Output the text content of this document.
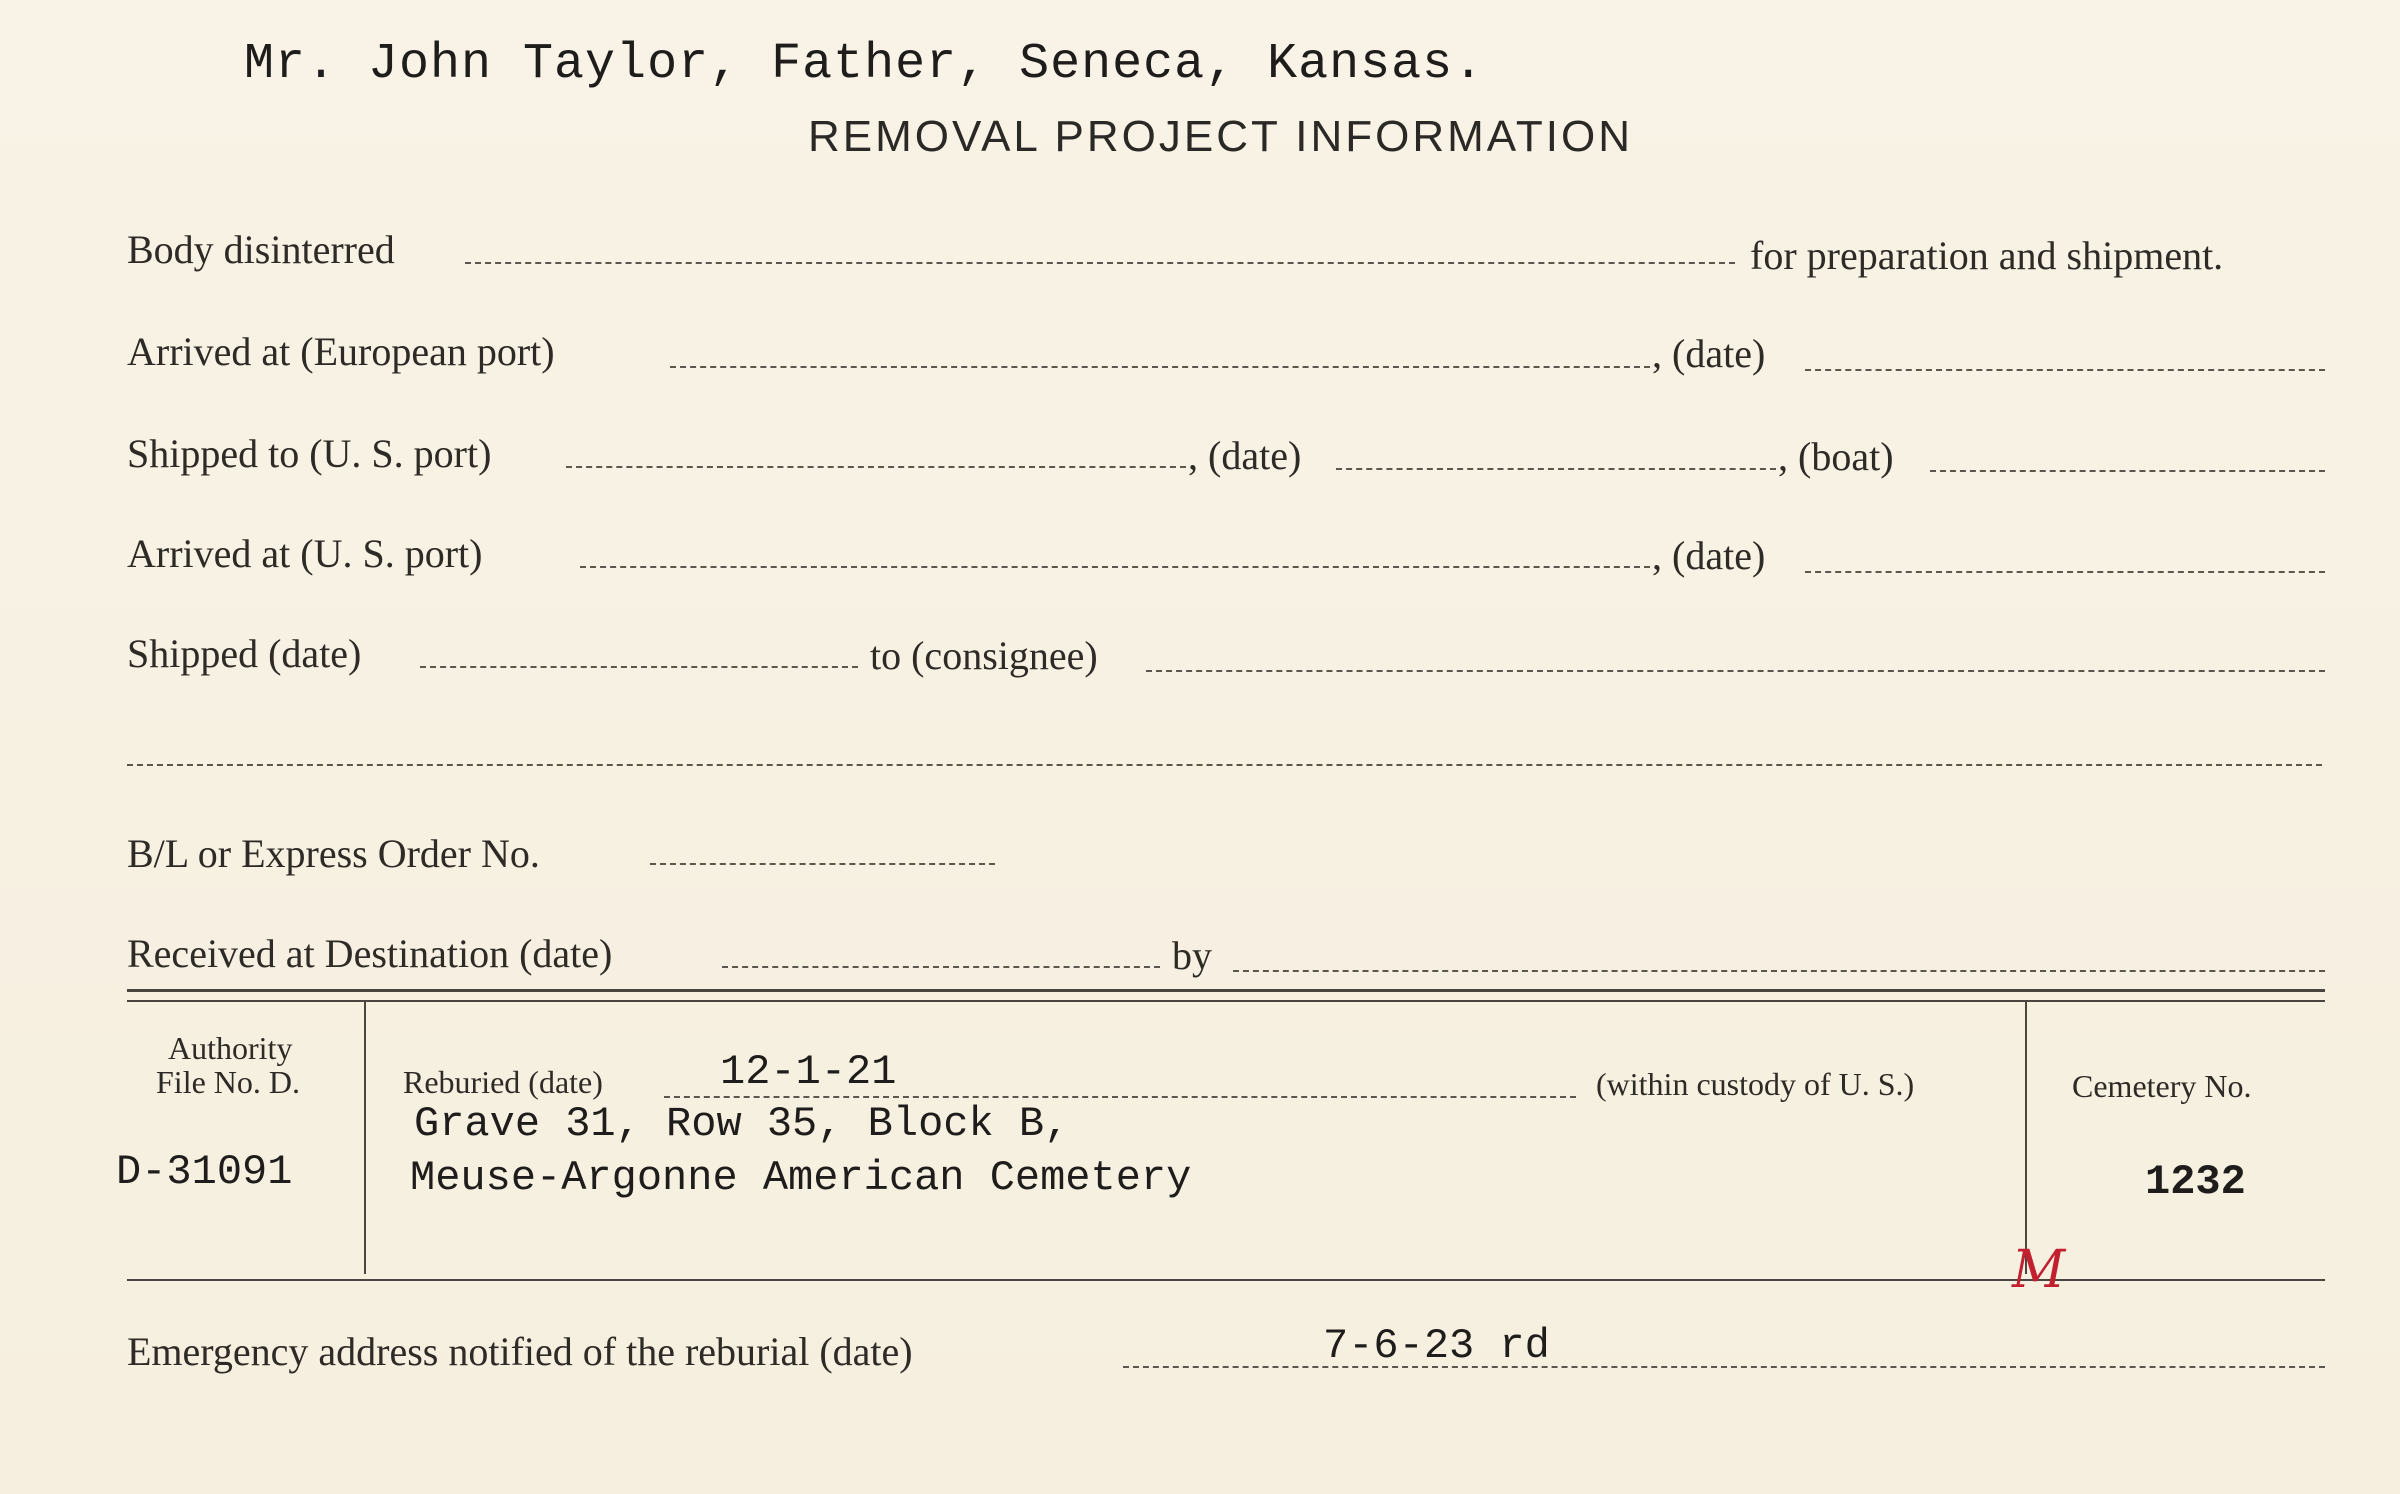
Mr. John Taylor, Father, Seneca, Kansas.
REMOVAL PROJECT INFORMATION
Body disinterred	for preparation and shipment.
Arrived at (European port)	, (date)
Shipped to (U. S. port)	, (date)	, (boat)
Arrived at (U. S. port)	, (date)
Shipped (date)	to (consignee)
B/L or Express Order No.
Received at Destination (date)	by
Authority
File No. D.
D-31091
Reburied (date)	12-1-21	(within custody of U. S.)
Grave 31, Row 35, Block B,
Meuse-Argonne American Cemetery
Cemetery No.
1232
M
Emergency address notified of the reburial (date)	7-6-23 rd
